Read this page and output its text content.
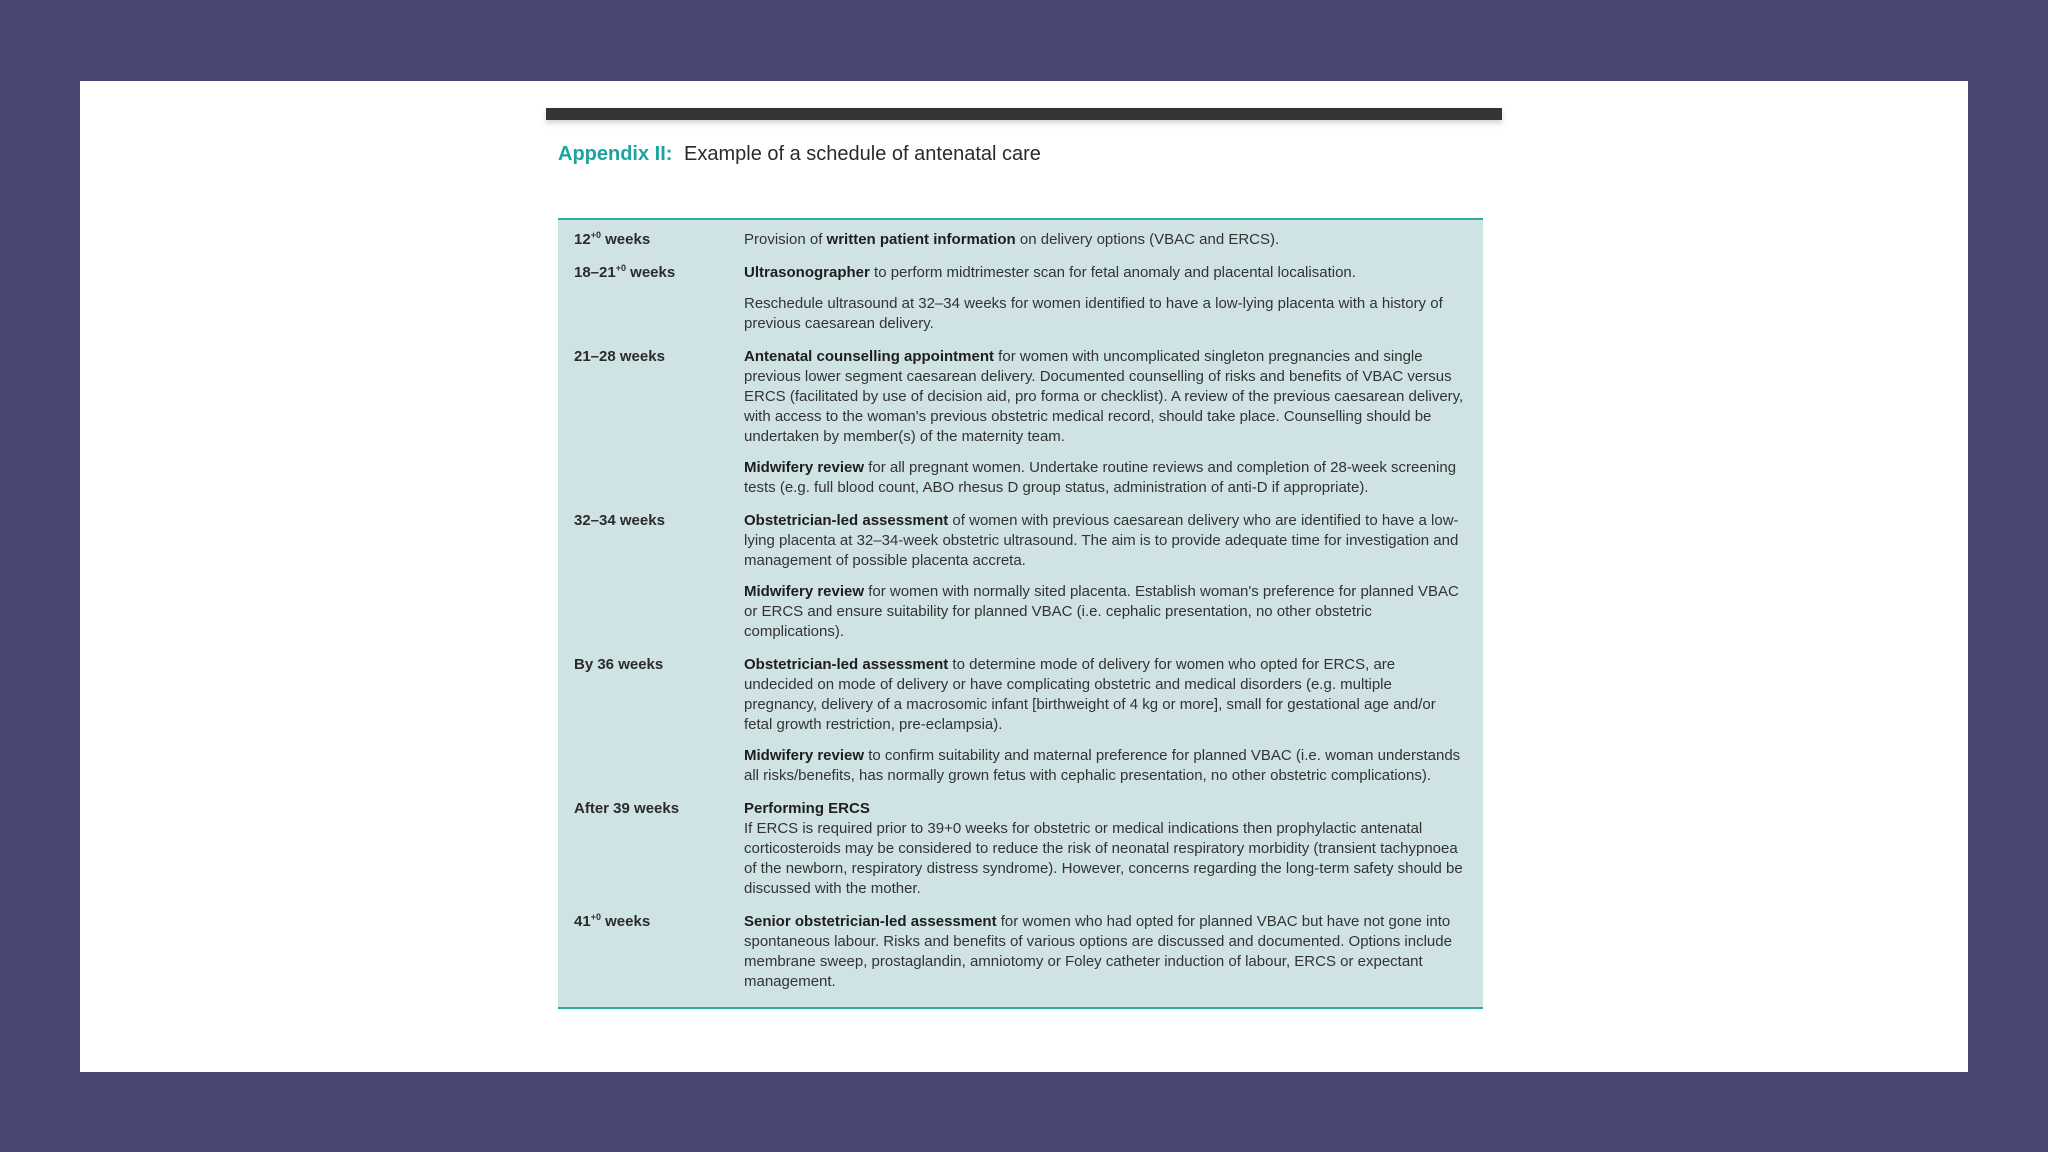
Appendix II: Example of a schedule of antenatal care
$12^{+0}$ weeks	Provision of written patient information on delivery options (VBAC and ERCS).
$18-21^{+0}$ weeks	Ultrasonographer to perform midtrimester scan for fetal anomaly and placental localisation.
Reschedule ultrasound at 32–34 weeks for women identified to have a low-lying placenta with a history of previous caesarean delivery.
21–28 weeks	Antenatal counselling appointment for women with uncomplicated singleton pregnancies and single previous lower segment caesarean delivery. Documented counselling of risks and benefits of VBAC versus ERCS (facilitated by use of decision aid, pro forma or checklist). A review of the previous caesarean delivery, with access to the woman's previous obstetric medical record, should take place. Counselling should be undertaken by member(s) of the maternity team.
Midwifery review for all pregnant women. Undertake routine reviews and completion of 28-week screening tests (e.g. full blood count, ABO rhesus D group status, administration of anti-D if appropriate).
32–34 weeks	Obstetrician-led assessment of women with previous caesarean delivery who are identified to have a low-lying placenta at 32–34-week obstetric ultrasound. The aim is to provide adequate time for investigation and management of possible placenta accreta.
Midwifery review for women with normally sited placenta. Establish woman's preference for planned VBAC or ERCS and ensure suitability for planned VBAC (i.e. cephalic presentation, no other obstetric complications).
By 36 weeks	Obstetrician-led assessment to determine mode of delivery for women who opted for ERCS, are undecided on mode of delivery or have complicating obstetric and medical disorders (e.g. multiple pregnancy, delivery of a macrosomic infant [birthweight of 4 kg or more], small for gestational age and/or fetal growth restriction, pre-eclampsia).
Midwifery review to confirm suitability and maternal preference for planned VBAC (i.e. woman understands all risks/benefits, has normally grown fetus with cephalic presentation, no other obstetric complications).
After 39 weeks	Performing ERCS
If ERCS is required prior to 39+0 weeks for obstetric or medical indications then prophylactic antenatal corticosteroids may be considered to reduce the risk of neonatal respiratory morbidity (transient tachypnoea of the newborn, respiratory distress syndrome). However, concerns regarding the long-term safety should be discussed with the mother.
$41^{+0}$ weeks	Senior obstetrician-led assessment for women who had opted for planned VBAC but have not gone into spontaneous labour. Risks and benefits of various options are discussed and documented. Options include membrane sweep, prostaglandin, amniotomy or Foley catheter induction of labour, ERCS or expectant management.
